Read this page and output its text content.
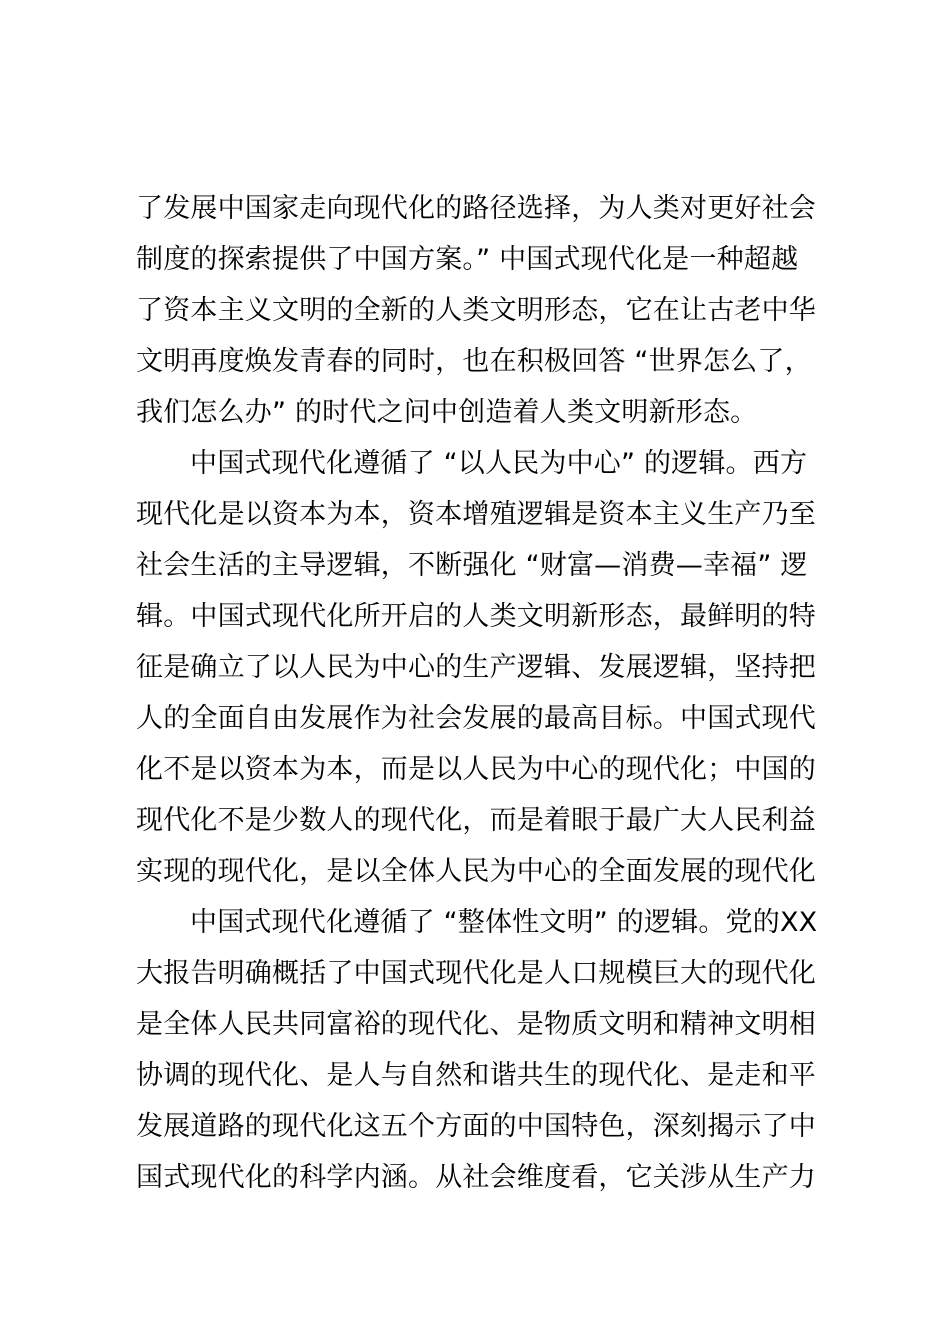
了发展中国家走向现代化的路径选择，为人类对更好社会
制度的探索提供了中国方案。” 中国式现代化是一种超越
了资本主义文明的全新的人类文明形态，它在让古老中华
文明再度焕发青春的同时，也在积极回答 “世界怎么了，
我们怎么办” 的时代之问中创造着人类文明新形态。
中国式现代化遵循了 “以人民为中心” 的逻辑。西方
现代化是以资本为本，资本增殖逻辑是资本主义生产乃至
社会生活的主导逻辑，不断强化 “财富—消费—幸福” 逻
辑。中国式现代化所开启的人类文明新形态，最鲜明的特
征是确立了以人民为中心的生产逻辑、发展逻辑，坚持把
人的全面自由发展作为社会发展的最高目标。中国式现代
化不是以资本为本，而是以人民为中心的现代化；中国的
现代化不是少数人的现代化，而是着眼于最广大人民利益
实现的现代化，是以全体人民为中心的全面发展的现代化
中国式现代化遵循了 “整体性文明” 的逻辑。党的XX
大报告明确概括了中国式现代化是人口规模巨大的现代化
是全体人民共同富裕的现代化、是物质文明和精神文明相
协调的现代化、是人与自然和谐共生的现代化、是走和平
发展道路的现代化这五个方面的中国特色，深刻揭示了中
国式现代化的科学内涵。从社会维度看，它关涉从生产力
